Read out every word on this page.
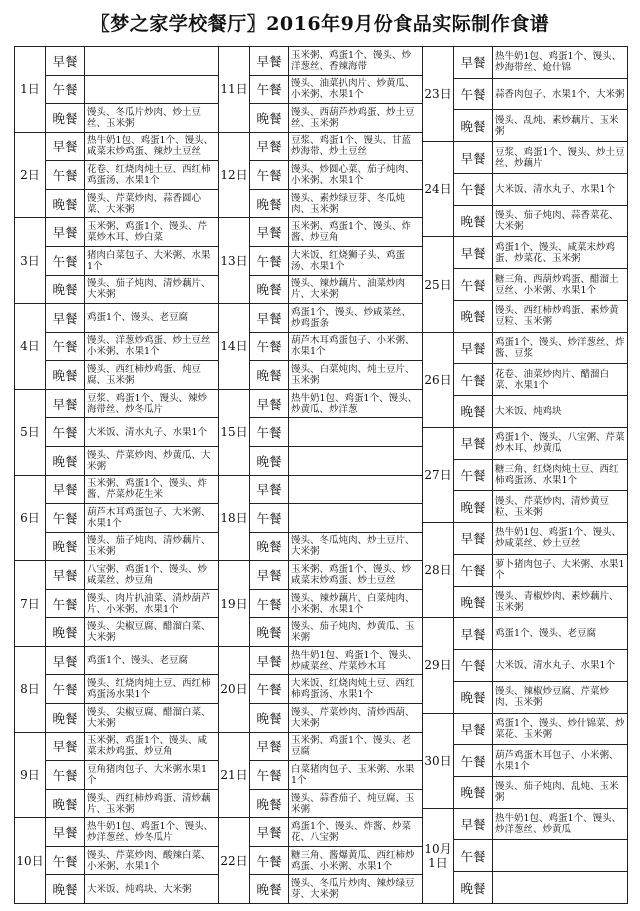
〖梦之家学校餐厅〗2016年9月份食品实际制作食谱
1日
早餐
午餐
晚餐	馒头、冬瓜片炒肉、炒土豆丝、玉米粥
2日
早餐	热牛奶1包、鸡蛋1个、馒头、咸菜末炒鸡蛋、辣炒土豆丝
午餐	花卷、红烧肉炖土豆、西红柿鸡蛋汤、水果1个
晚餐	馒头、芹菜炒肉、蒜香圆心菜、大米粥
3日
早餐	玉米粥、鸡蛋1个、馒头、芹菜炒木耳、炒白菜
午餐	猪肉白菜包子、大米粥、水果1个
晚餐	馒头、茄子炖肉、清炒藕片、大米粥
4日
早餐	鸡蛋1个、馒头、老豆腐
午餐	馒头、洋葱炒鸡蛋、炒土豆丝小米粥、水果1个
晚餐	馒头、西红柿炒鸡蛋、炖豆腐、玉米粥
5日
早餐	豆浆、鸡蛋1个、馒头、辣炒海带丝、炒冬瓜片
午餐	大米饭、清水丸子、水果1个
晚餐	馒头、芹菜炒肉、炒黄瓜、大米粥
6日
早餐	玉米粥、鸡蛋1个、馒头、炸酱、芹菜炒花生米
午餐	葫芦木耳鸡蛋包子、大米粥、水果1个
晚餐	馒头、茄子炖肉、清炒藕片、玉米粥
7日
早餐	八宝粥、鸡蛋1个、馒头、炒咸菜丝、炒豆角
午餐	馒头、肉片扒油菜、清炒葫芦片、小米粥、水果1个
晚餐	馒头、尖椒豆腐、醋溜白菜、大米粥
8日
早餐	鸡蛋1个、馒头、老豆腐
午餐	馒头、红烧肉炖土豆、西红柿鸡蛋汤水果1个
晚餐	馒头、尖椒豆腐、醋溜白菜、大米粥
9日
早餐	玉米粥、鸡蛋1个、馒头、咸菜末炒鸡蛋、炒豆角
午餐	豆角猪肉包子、大米粥水果1个
晚餐	馒头、西红柿炒鸡蛋、清炒藕片、玉米粥
10日
早餐	热牛奶1包、鸡蛋1个、馒头、炒洋葱丝、炒冬瓜片
午餐	馒头、芹菜炒肉、酸辣白菜、小米粥、水果1个
晚餐	大米饭、炖鸡块、大米粥
11日
早餐	玉米粥、鸡蛋1个、馒头、炒洋葱丝、香辣海带
午餐	馒头、油菜扒肉片、炒黄瓜、小米粥、水果1个
晚餐	馒头、西葫芦炒鸡蛋、炒土豆丝、玉米粥
12日
早餐	豆浆、鸡蛋1个、馒头、甘蓝炒海带、炒土豆丝
午餐	馒头、炒圆心菜、茄子炖肉、小米粥、水果1个
晚餐	馒头、素炒绿豆芽、冬瓜炖肉、玉米粥
13日
早餐	玉米粥、鸡蛋1个、馒头、炸酱、炒豆角
午餐	大米饭、红烧狮子头、鸡蛋汤、水果1个
晚餐	馒头、辣炒藕片、油菜炒肉片、大米粥
14日
早餐	鸡蛋1个、馒头、炒咸菜丝、炒鸡蛋条
午餐	葫芦木耳鸡蛋包子、小米粥、水果1个
晚餐	馒头、白菜炖肉、炖土豆片、玉米粥
15日
早餐	热牛奶1包、鸡蛋1个、馒头、炒黄瓜、炒洋葱
午餐
晚餐
18日
早餐
午餐
晚餐	馒头、冬瓜炖肉、炒土豆片、大米粥
19日
早餐	玉米粥、鸡蛋1个、馒头、炒咸菜末炒鸡蛋、炒土豆丝
午餐	馒头、辣炒藕片、白菜炖肉、小米粥、水果1个
晚餐	馒头、茄子炖肉、炒黄瓜、玉米粥
20日
早餐	热牛奶1包、鸡蛋1个、馒头、炒咸菜丝、芹菜炒木耳
午餐	大米饭、红烧肉炖土豆、西红柿鸡蛋汤、水果1个
晚餐	馒头、芹菜炒肉、清炒西葫、大米粥
21日
早餐	玉米粥、鸡蛋1个、馒头、老豆腐
午餐	白菜猪肉包子、玉米粥、水果1个
晚餐	馒头、蒜香茄子、炖豆腐、玉米粥
22日
早餐	鸡蛋1个、馒头、炸酱、炒菜花、八宝粥
午餐	糖三角、酱爆黄瓜、西红柿炒鸡蛋、小米粥、水果1个
晚餐	馒头、冬瓜片炒肉、辣炒绿豆芽、大米粥
23日
早餐	热牛奶1包、鸡蛋1个、馒头、炒海带丝、炝什锦
午餐	蒜香肉包子、水果1个、大米粥
晚餐	馒头、乱炖、素炒藕片、玉米粥
24日
早餐	豆浆、鸡蛋1个、馒头、炒土豆丝、炒藕片
午餐	大米饭、清水丸子、水果1个
晚餐	馒头、茄子炖肉、蒜香菜花、大米粥
25日
早餐	鸡蛋1个、馒头、咸菜末炒鸡蛋、炒菜花、玉米粥
午餐	糖三角、西葫炒鸡蛋、醋溜土豆丝、小米粥、水果1个
晚餐	馒头、西红柿炒鸡蛋、素炒黄豆粒、玉米粥
26日
早餐	鸡蛋1个、馒头、炒洋葱丝、炸酱、豆浆
午餐	花卷、油菜炒肉片、醋溜白菜、水果1个
晚餐	大米饭、炖鸡块
27日
早餐	鸡蛋1个、馒头、八宝粥、芹菜炒木耳、炒黄瓜
午餐	糖三角、红烧肉炖土豆、西红柿鸡蛋汤、水果1个
晚餐	馒头、芹菜炒肉、清炒黄豆粒、玉米粥
28日
早餐	热牛奶1包、鸡蛋1个、馒头、炒咸菜丝、炒土豆丝
午餐	萝卜猪肉包子、大米粥、水果1个
晚餐	馒头、青椒炒肉、素炒藕片、玉米粥
29日
早餐	鸡蛋1个、馒头、老豆腐
午餐	大米饭、清水丸子、水果1个
晚餐	馒头、辣椒炒豆腐、芹菜炒肉、玉米粥
30日
早餐	鸡蛋1个、馒头、炒什锦菜、炒菜花、玉米粥
午餐	葫芦鸡蛋木耳包子、小米粥、水果1个
晚餐	馒头、茄子炖肉、乱炖、玉米粥
10月1日
早餐	热牛奶1包、鸡蛋1个、馒头、炒洋葱丝、炒黄瓜
午餐
晚餐
